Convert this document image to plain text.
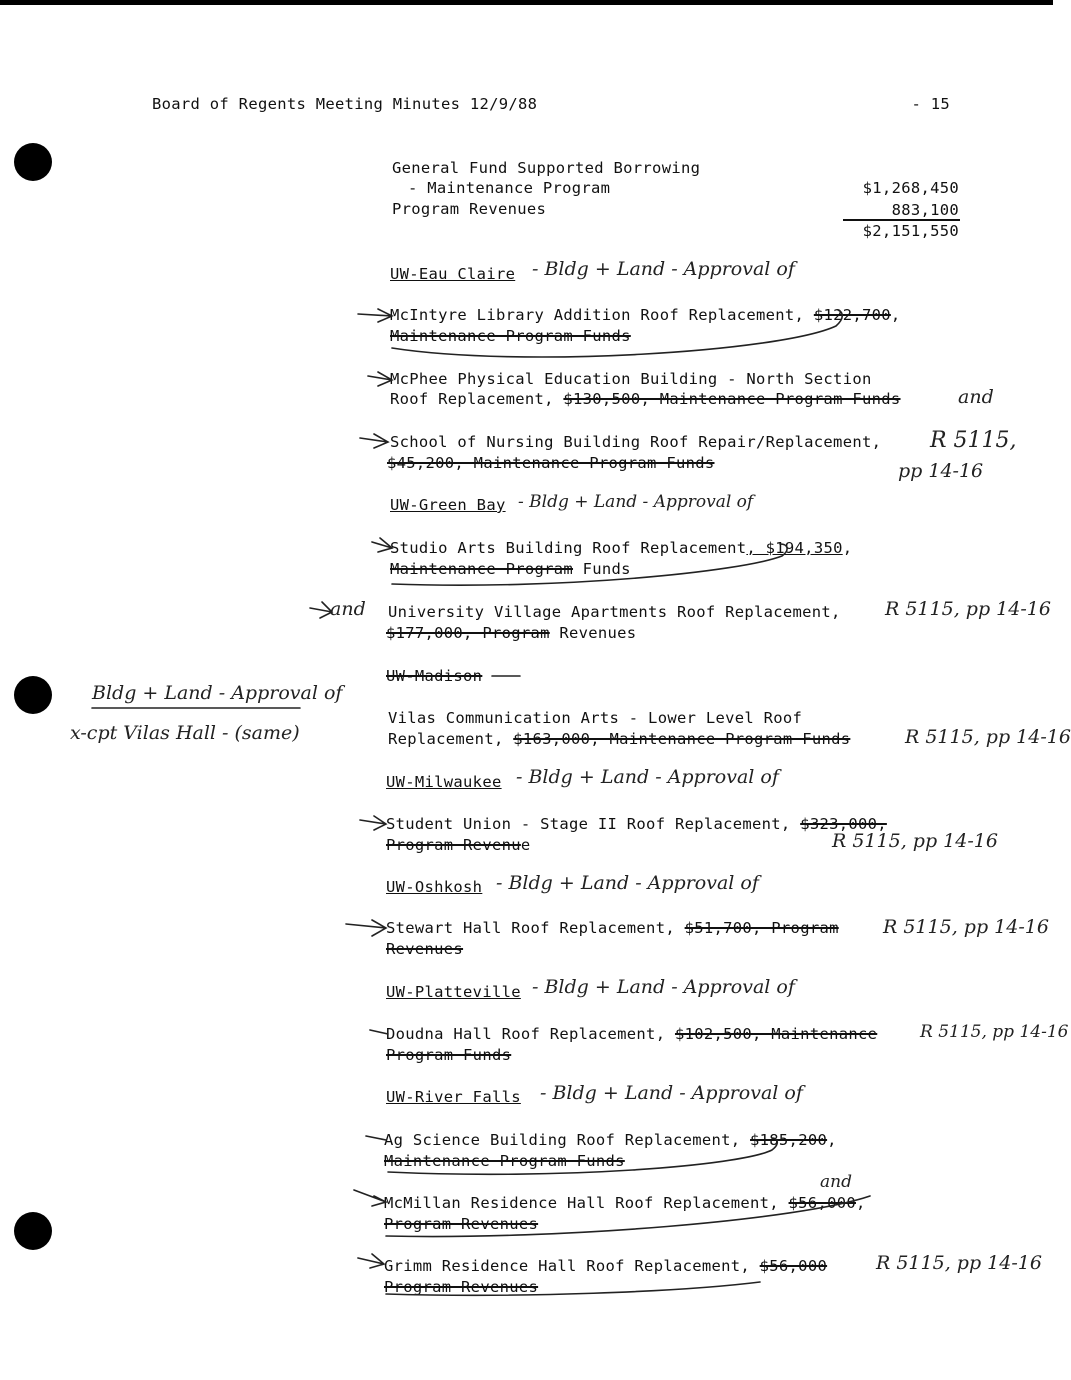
Board of Regents Meeting Minutes 12/9/88	- 15
General Fund Supported Borrowing
- Maintenance Program	$1,268,450
Program Revenues	883,100
$2,151,550
UW-Eau Claire - Bldg + Land - Approval of
McIntyre Library Addition Roof Replacement, $122,700,
Maintenance Program Funds
McPhee Physical Education Building - North Section
Roof Replacement, $130,500, Maintenance Program Funds	and
School of Nursing Building Roof Repair/Replacement,
$45,200, Maintenance Program Funds
R 5115,
pp 14-16
UW-Green Bay - Bldg + Land - Approval of
Studio Arts Building Roof Replacement, $194,350,
Maintenance Program Funds
and University Village Apartments Roof Replacement, R 5115, pp 14-16
$177,000, Program Revenues
UW-Madison
Bldg + Land - Approval of
x-cpt Vilas Hall - (same)
Vilas Communication Arts - Lower Level Roof
Replacement, $163,000, Maintenance Program Funds	R 5115, pp 14-16
UW-Milwaukee - Bldg + Land - Approval of
Student Union - Stage II Roof Replacement, $323,000,
Program Revenue	R 5115, pp 14-16
UW-Oshkosh - Bldg + Land - Approval of
Stewart Hall Roof Replacement, $51,700, Program
Revenues
R 5115, pp 14-16
UW-Platteville - Bldg + Land - Approval of
Doudna Hall Roof Replacement, $102,500, Maintenance
Program Funds
R 5115, pp 14-16
UW-River Falls - Bldg + Land - Approval of
Ag Science Building Roof Replacement, $185,200,
Maintenance Program Funds
and
McMillan Residence Hall Roof Replacement, $56,000,
Program Revenues
Grimm Residence Hall Roof Replacement, $56,000	R 5115, pp 14-16
Program Revenues
